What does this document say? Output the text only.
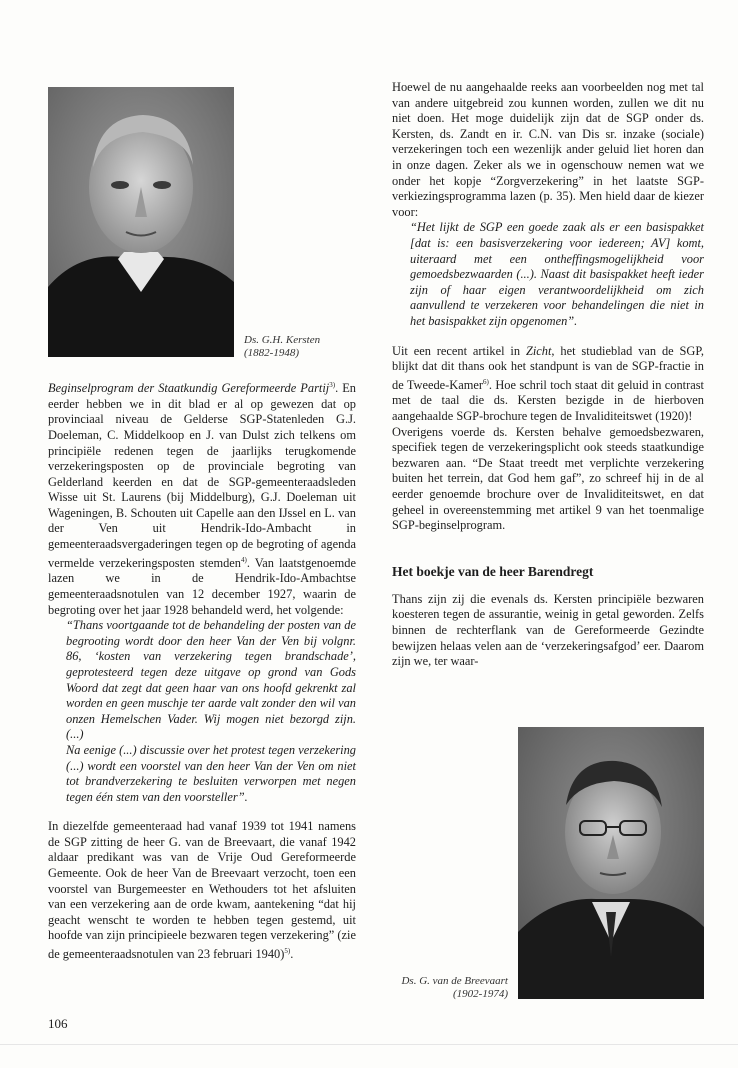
Ds. G.H. Kersten
(1882-1948)

Beginselprogram der Staatkundig Gereformeerde Partij$^{3)}$. En eerder hebben we in dit blad er al op gewezen dat op provinciaal niveau de Gelderse SGP-Statenleden G.J. Doeleman, C. Middelkoop en J. van Dulst zich telkens om principiële redenen tegen de jaarlijks terugkomende verzekeringsposten op de provinciale begroting van Gelderland keerden en dat de SGP-gemeenteraadsleden Wisse uit St. Laurens (bij Middelburg), G.J. Doeleman uit Wageningen, B. Schouten uit Capelle aan den IJssel en L. van der Ven uit Hendrik-Ido-Ambacht in gemeenteraadsvergaderingen tegen op de begroting of agenda vermelde verzekeringsposten stemden$^{4)}$. Van laatstgenoemde lazen we in de Hendrik-Ido-Ambachtse gemeenteraadsnotulen van 12 december 1927, waarin de begroting over het jaar 1928 behandeld werd, het volgende:

“Thans voortgaande tot de behandeling der posten van de begrooting wordt door den heer Van der Ven bij volgnr. 86, ‘kosten van verzekering tegen brandschade’, geprotesteerd tegen deze uitgave op grond van Gods Woord dat zegt dat geen haar van ons hoofd gekrenkt zal worden en geen muschje ter aarde valt zonder den wil van onzen Hemelschen Vader. Wij mogen niet bezorgd zijn. (...)

Na eenige (...) discussie over het protest tegen verzekering (...) wordt een voorstel van den heer Van der Ven om niet tot brandverzekering te besluiten verworpen met negen tegen één stem van den voorsteller”.

In diezelfde gemeenteraad had vanaf 1939 tot 1941 namens de SGP zitting de heer G. van de Breevaart, die vanaf 1942 aldaar predikant was van de Vrije Oud Gereformeerde Gemeente. Ook de heer Van de Breevaart verzocht, toen een voorstel van Burgemeester en Wethouders tot het afsluiten van een verzekering aan de orde kwam, aantekening “dat hij geacht wenscht te worden te hebben tegen gestemd, uit hoofde van zijn principieele bezwaren tegen verzekering” (zie de gemeenteraadsnotulen van 23 februari 1940)$^{5)}$.

Hoewel de nu aangehaalde reeks aan voorbeelden nog met tal van andere uitgebreid zou kunnen worden, zullen we dit nu niet doen. Het moge duidelijk zijn dat de SGP onder ds. Kersten, ds. Zandt en ir. C.N. van Dis sr. inzake (sociale) verzekeringen toch een wezenlijk ander geluid liet horen dan in onze dagen. Zeker als we in ogenschouw nemen wat we onder het kopje “Zorgverzekering” in het laatste SGP-verkiezingsprogramma lazen (p. 35). Men hield daar de kiezer voor:

“Het lijkt de SGP een goede zaak als er een basispakket [dat is: een basisverzekering voor iedereen; AV] komt, uiteraard met een ontheffingsmogelijkheid voor gemoedsbezwaarden (...). Naast dit basispakket heeft ieder zijn of haar eigen verantwoordelijkheid om zich aanvullend te verzekeren voor behandelingen die niet in het basispakket zijn opgenomen”.

Uit een recent artikel in Zicht, het studieblad van de SGP, blijkt dat dit thans ook het standpunt is van de SGP-fractie in de Tweede-Kamer$^{6)}$. Hoe schril toch staat dit geluid in contrast met de taal die ds. Kersten bezigde in de hierboven aangehaalde SGP-brochure tegen de Invaliditeitswet (1920)!

Overigens voerde ds. Kersten behalve gemoedsbezwaren, specifiek tegen de verzekeringsplicht ook steeds staatkundige bezwaren aan. “De Staat treedt met verplichte verzekering buiten het terrein, dat God hem gaf”, zo schreef hij in de al eerder genoemde brochure over de Invaliditeitswet, en dat geheel in overeenstemming met artikel 9 van het toenmalige SGP-beginselprogram.

Het boekje van de heer Barendregt

Thans zijn zij die evenals ds. Kersten principiële bezwaren koesteren tegen de assurantie, weinig in getal geworden. Zelfs binnen de rechterflank van de Gereformeerde Gezindte bewijzen helaas velen aan de ‘verzekeringsafgod’ eer. Daarom zijn we, ter waar-

Ds. G. van de Breevaart
(1902-1974)
106
